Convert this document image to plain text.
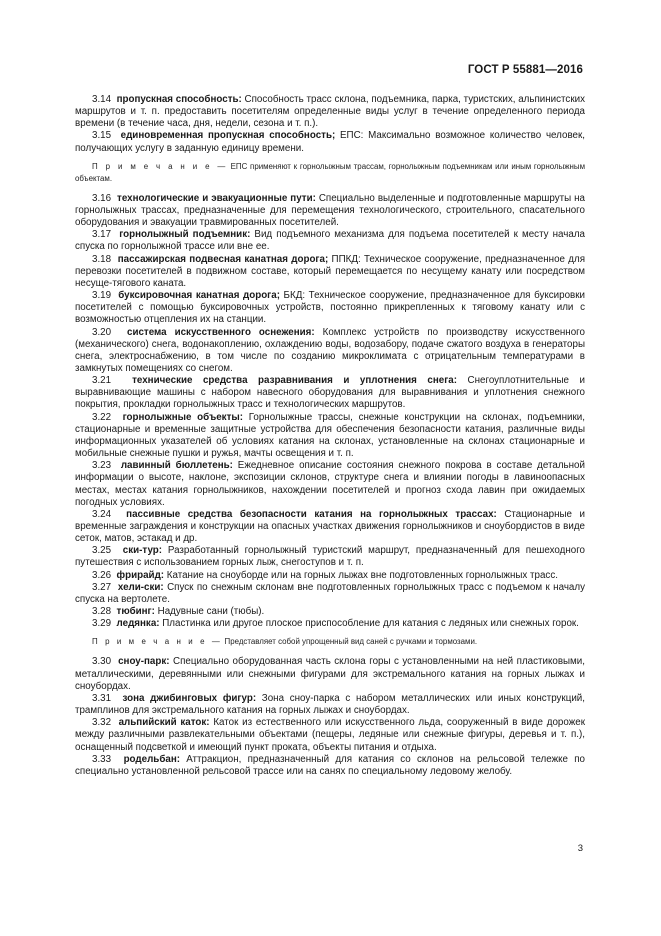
ГОСТ Р 55881—2016

3.14 пропускная способность: Способность трасс склона, подъемника, парка, туристских, альпинистских маршрутов и т. п. предоставить посетителям определенные виды услуг в течение определенного периода времени (в течение часа, дня, недели, сезона и т. п.).

3.15 единовременная пропускная способность; ЕПС: Максимально возможное количество человек, получающих услугу в заданную единицу времени.

П р и м е ч а н и е — ЕПС применяют к горнолыжным трассам, горнолыжным подъемникам или иным горнолыжным объектам.

3.16 технологические и эвакуационные пути: Специально выделенные и подготовленные маршруты на горнолыжных трассах, предназначенные для перемещения технологического, строительного, спасательного оборудования и эвакуации травмированных посетителей.

3.17 горнолыжный подъемник: Вид подъемного механизма для подъема посетителей к месту начала спуска по горнолыжной трассе или вне ее.

3.18 пассажирская подвесная канатная дорога; ППКД: Техническое сооружение, предназначенное для перевозки посетителей в подвижном составе, который перемещается по несущему канату или посредством несуще-тягового каната.

3.19 буксировочная канатная дорога; БКД: Техническое сооружение, предназначенное для буксировки посетителей с помощью буксировочных устройств, постоянно прикрепленных к тяговому канату или с возможностью отцепления их на станции.

3.20 система искусственного оснежения: Комплекс устройств по производству искусственного (механического) снега, водонакоплению, охлаждению воды, водозабору, подаче сжатого воздуха в генераторы снега, электроснабжению, в том числе по созданию микроклимата с отрицательным температурами в замкнутых помещениях со снегом.

3.21 технические средства разравнивания и уплотнения снега: Снегоуплотнительные и выравнивающие машины с набором навесного оборудования для выравнивания и уплотнения снежного покрытия, прокладки горнолыжных трасс и технологических маршрутов.

3.22 горнолыжные объекты: Горнолыжные трассы, снежные конструкции на склонах, подъемники, стационарные и временные защитные устройства для обеспечения безопасности катания, различные виды информационных указателей об условиях катания на склонах, установленные на склонах стационарные и мобильные снежные пушки и ружья, мачты освещения и т. п.

3.23 лавинный бюллетень: Ежедневное описание состояния снежного покрова в составе детальной информации о высоте, наклоне, экспозиции склонов, структуре снега и влиянии погоды в лавиноопасных местах, местах катания горнолыжников, нахождении посетителей и прогноз схода лавин при ожидаемых погодных условиях.

3.24 пассивные средства безопасности катания на горнолыжных трассах: Стационарные и временные заграждения и конструкции на опасных участках движения горнолыжников и сноубордистов в виде сеток, матов, эстакад и др.

3.25 ски-тур: Разработанный горнолыжный туристский маршрут, предназначенный для пешеходного путешествия с использованием горных лыж, снегоступов и т. п.

3.26 фрирайд: Катание на сноуборде или на горных лыжах вне подготовленных горнолыжных трасс.

3.27 хели-ски: Спуск по снежным склонам вне подготовленных горнолыжных трасс с подъемом к началу спуска на вертолете.

3.28 тюбинг: Надувные сани (тюбы).

3.29 ледянка: Пластинка или другое плоское приспособление для катания с ледяных или снежных горок.

П р и м е ч а н и е — Представляет собой упрощенный вид саней с ручками и тормозами.

3.30 сноу-парк: Специально оборудованная часть склона горы с установленными на ней пластиковыми, металлическими, деревянными или снежными фигурами для экстремального катания на горных лыжах и сноубордах.

3.31 зона джибинговых фигур: Зона сноу-парка с набором металлических или иных конструкций, трамплинов для экстремального катания на горных лыжах и сноубордах.

3.32 альпийский каток: Каток из естественного или искусственного льда, сооруженный в виде дорожек между различными развлекательными объектами (пещеры, ледяные или снежные фигуры, деревья и т. п.), оснащенный подсветкой и имеющий пункт проката, объекты питания и отдыха.

3.33 родельбан: Аттракцион, предназначенный для катания со склонов на рельсовой тележке по специально установленной рельсовой трассе или на санях по специальному ледовому желобу.

3
